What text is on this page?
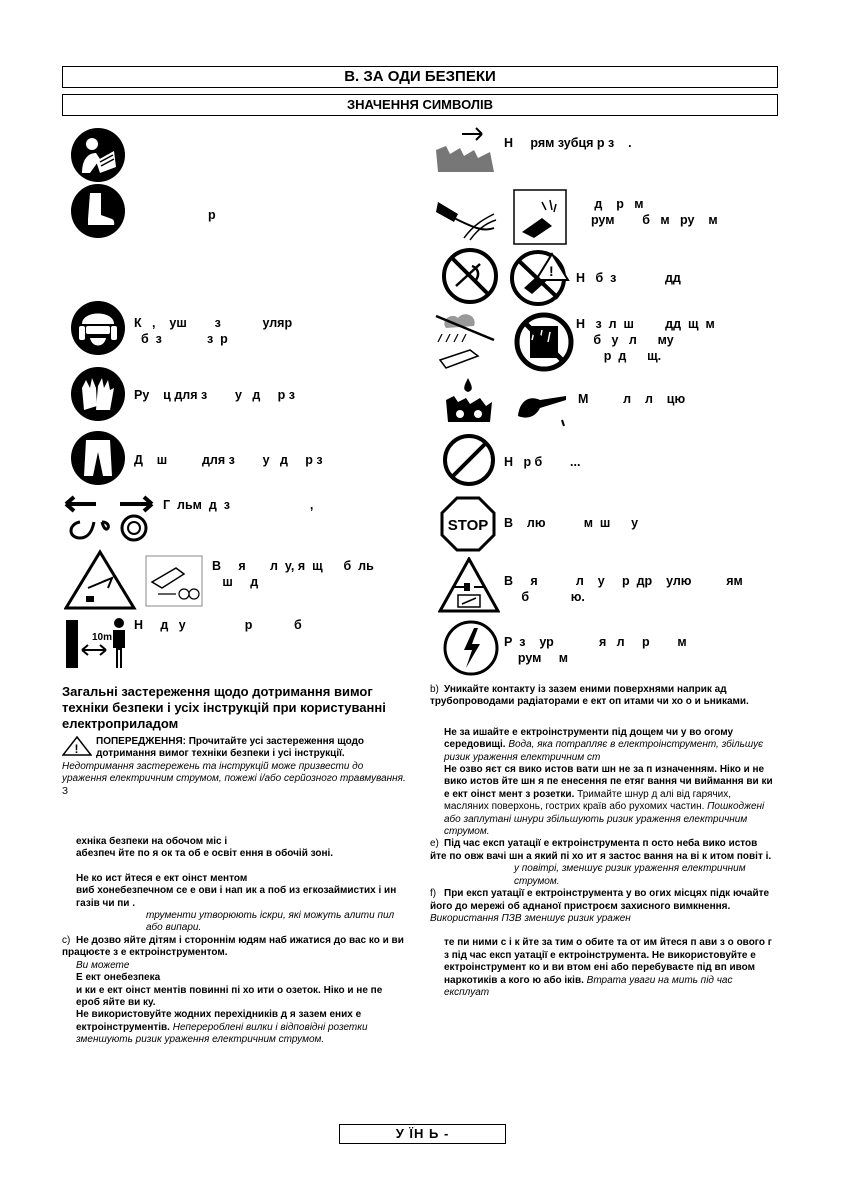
В. ЗА ОДИ БЕЗПЕКИ
ЗНАЧЕННЯ СИМВОЛІВ
10m
р
К   ,    уш        з            уляр
б  з             з  р
Ру    ц для з        у   д     р з
Д    ш          для з        у   д     р з
Г  льм  д  з                       ,
В     я       л  у, я  щ      б  ль
ш     д
Н     д   у                 р            б
!
STOP
Н     рям зубця р з    .
д    р   м
рум        б   м   ру    м
Н   б  з              дд
Н   з  л  ш         дд  щ  м
б   у   л      му
р  д      щ.
М          л    л    цю
Н   р б        ...
В    лю           м  ш      у
В     я           л    у     р  др    улю          ям
б            ю.
Р  з    ур             я   л     р        м
рум     м

Загальні застереження щодо дотримання вимог техніки безпеки і усіх інструкцій при користуванні електроприладом

!
ПОПЕРЕДЖЕННЯ: Прочитайте усі застереження щодо дотримання вимог техніки безпеки і усі інструкції. Недотримання застережень та інструкцій може призвести до ураження електричним струмом, пожежі і/або серйозного травмування.

З

ехніка безпеки на обочом міс і

абезпеч йте по я ок та об е освіт ення в обочій зоні.

Не ко ист йтеся е ект оінст ментом

виб хонебезпечном се е ови і нап ик а поб из егкозаймистих і ин газів чи пи .

трументи утворюють іскри, які можуть алити пил або випари.

c) Не дозво яйте дітям і стороннім юдям наб ижатися до вас ко и ви працюєте з е ектроінструментом.

Ви можете

Е ект онебезпека

и ки е ект оінст ментів повинні пі хо ити о озеток. Ніко и не пе ероб яйте ви ку.

Не використовуйте жодних перехідників д я зазем ених е ектроінструментів. Неперероблені вилки і відповідні розетки зменшують ризик ураження електричним струмом.

b) Уникайте контакту із зазем еними поверхнями наприк ад трубопроводами радіаторами е ект оп итами чи хо о и ьниками.

Не за ишайте е ектроінструменти під дощем чи у во огому середовищі. Вода, яка потрапляє в електроінструмент, збільшує ризик ураження електричним ст

Не озво яєт ся вико истов вати шн не за п изначенням. Ніко и не вико истов йте шн я пе енесення пе етяг вання чи виймання ви ки е ект оінст мент з розетки. Тримайте шнур д алі від гарячих, масляних поверхонь, гострих країв або рухомих частин. Пошкоджені або заплутані шнури збільшують ризик ураження електричним струмом.

e) Під час експ уатації е ектроінструмента п осто неба вико истов йте по овж вачі шн а який пі хо ит я застос вання на ві к итом повіт і.

у повітрі, зменшує ризик ураження електричним струмом.

f) При експ уатації е ектроінструмента у во огих місцях підк ючайте його до мережі об аднаної пристроєм захисного вимкнення. Використання ПЗВ зменшує ризик уражен

те пи ними с і к йте за тим о обите та от им йтеся п ави з о ового г з під час експ уатації е ектроінструмента. Не використовуйте е ектроінструмент ко и ви втом ені або перебуваєте під вп ивом наркотиків а кого ю або іків. Втрата уваги на мить під час експлуат

У ЇН Ь -
